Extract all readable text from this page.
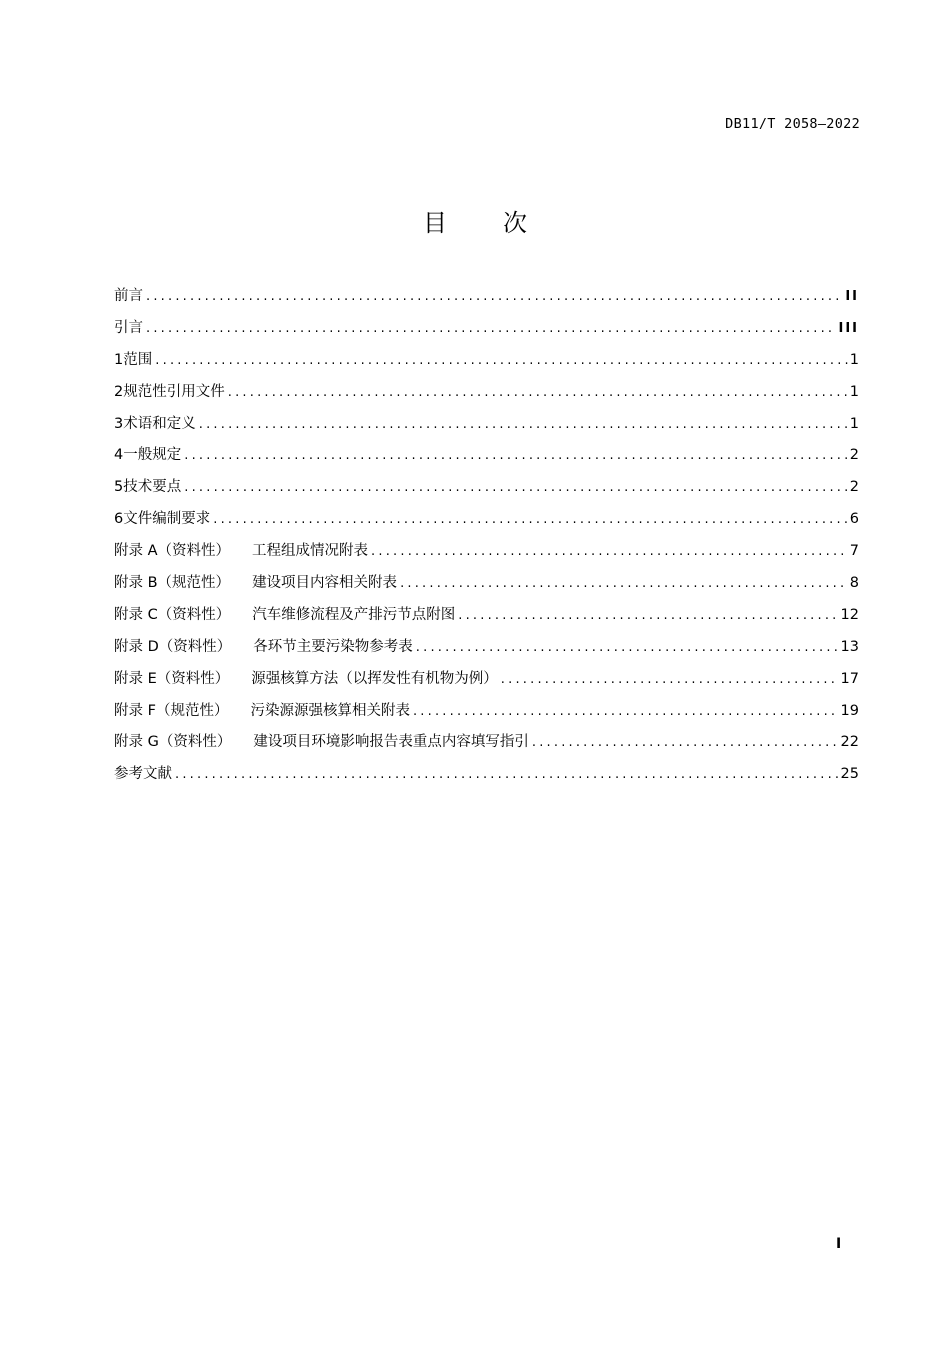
DB11/T 2058—2022
目 次
前言 .....	II
引言 .....	III
1 范围 .....	1
2 规范性引用文件 .....	1
3 术语和定义 .....	1
4 一般规定 .....	2
5 技术要点 .....	2
6 文件编制要求 .....	6
附录 A（资料性） 工程组成情况附表 .....	7
附录 B（规范性） 建设项目内容相关附表 .....	8
附录 C（资料性） 汽车维修流程及产排污节点附图 .....	12
附录 D（资料性） 各环节主要污染物参考表 .....	13
附录 E（资料性） 源强核算方法（以挥发性有机物为例） .....	17
附录 F（规范性） 污染源源强核算相关附表 .....	19
附录 G（资料性） 建设项目环境影响报告表重点内容填写指引 .....	22
参考文献 .....	25
I
